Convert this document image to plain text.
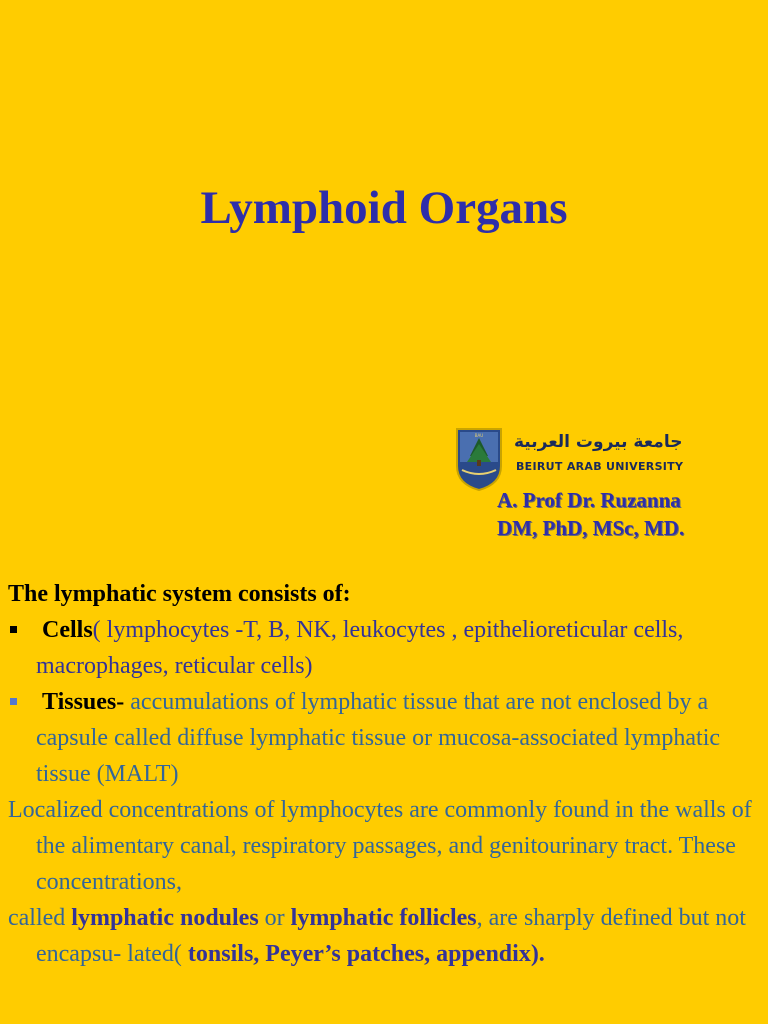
Lymphoid Organs
BAU جامعة بيروت العربية
BEIRUT ARAB UNIVERSITY
A. Prof Dr. Ruzanna
DM, PhD, MSc, MD.

The lymphatic system consists of:

Cells( lymphocytes -T, B, NK, leukocytes , epithelioreticular cells, macrophages, reticular cells)

Tissues- accumulations of lymphatic tissue that are not enclosed by a capsule called diffuse lymphatic tissue or mucosa-associated lymphatic tissue (MALT)

Localized concentrations of lymphocytes are commonly found in the walls of the alimentary canal, respiratory passages, and genitourinary tract. These concentrations,

called lymphatic nodules or lymphatic follicles, are sharply defined but not encapsu- lated( tonsils, Peyer’s patches, appendix).
